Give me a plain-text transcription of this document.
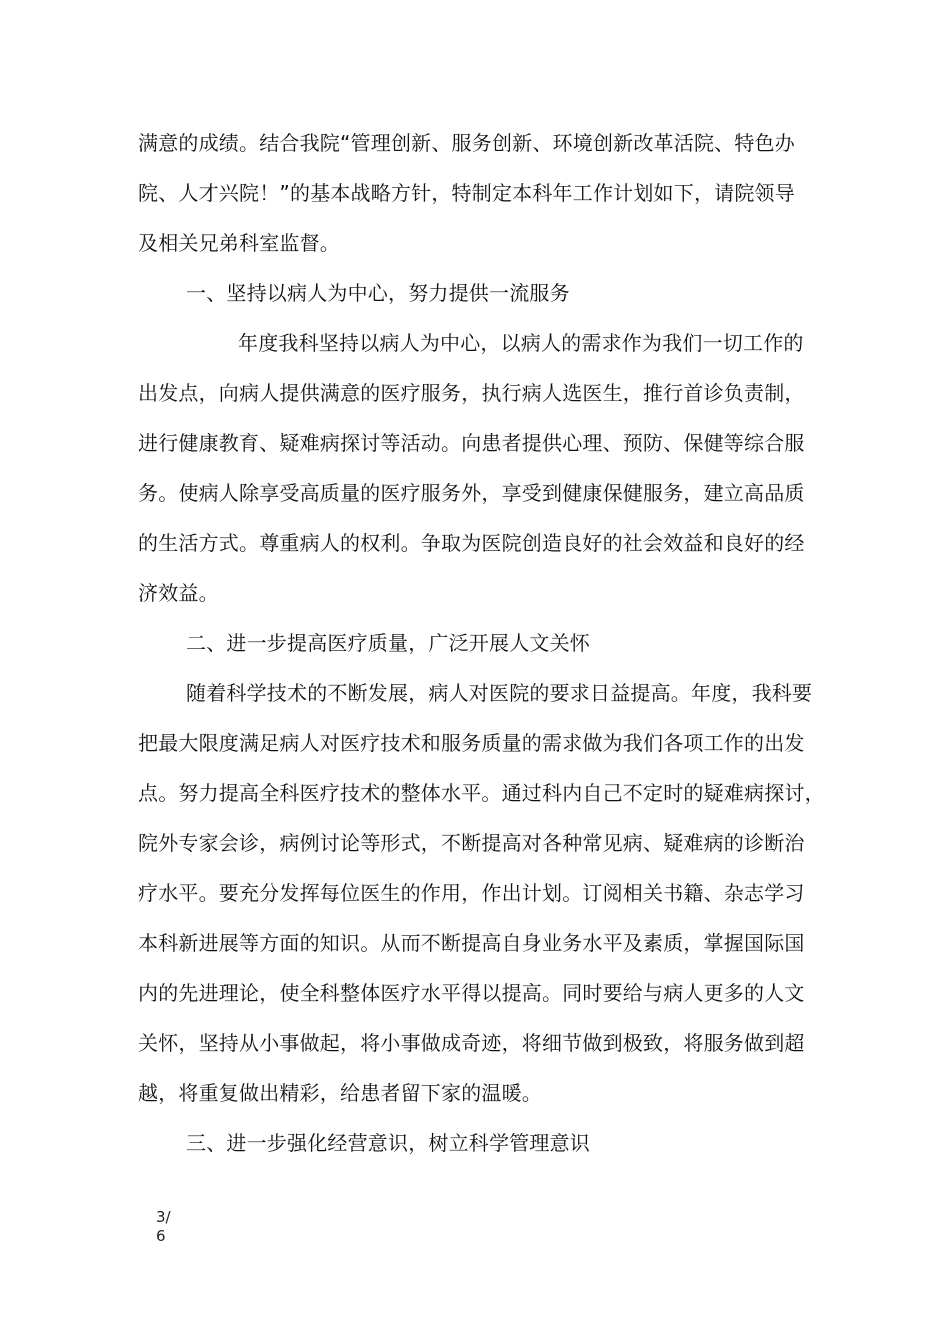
满意的成绩。结合我院“管理创新、服务创新、环境创新改革活院、特色办
院、人才兴院！”的基本战略方针，特制定本科年工作计划如下，请院领导
及相关兄弟科室监督。
一、坚持以病人为中心，努力提供一流服务
年度我科坚持以病人为中心，以病人的需求作为我们一切工作的
出发点，向病人提供满意的医疗服务，执行病人选医生，推行首诊负责制，
进行健康教育、疑难病探讨等活动。向患者提供心理、预防、保健等综合服
务。使病人除享受高质量的医疗服务外，享受到健康保健服务，建立高品质
的生活方式。尊重病人的权利。争取为医院创造良好的社会效益和良好的经
济效益。
二、进一步提高医疗质量，广泛开展人文关怀
随着科学技术的不断发展，病人对医院的要求日益提高。年度，我科要
把最大限度满足病人对医疗技术和服务质量的需求做为我们各项工作的出发
点。努力提高全科医疗技术的整体水平。通过科内自己不定时的疑难病探讨，
院外专家会诊，病例讨论等形式，不断提高对各种常见病、疑难病的诊断治
疗水平。要充分发挥每位医生的作用，作出计划。订阅相关书籍、杂志学习
本科新进展等方面的知识。从而不断提高自身业务水平及素质，掌握国际国
内的先进理论，使全科整体医疗水平得以提高。同时要给与病人更多的人文
关怀，坚持从小事做起，将小事做成奇迹，将细节做到极致，将服务做到超
越，将重复做出精彩，给患者留下家的温暖。
三、进一步强化经营意识，树立科学管理意识
3/
6
